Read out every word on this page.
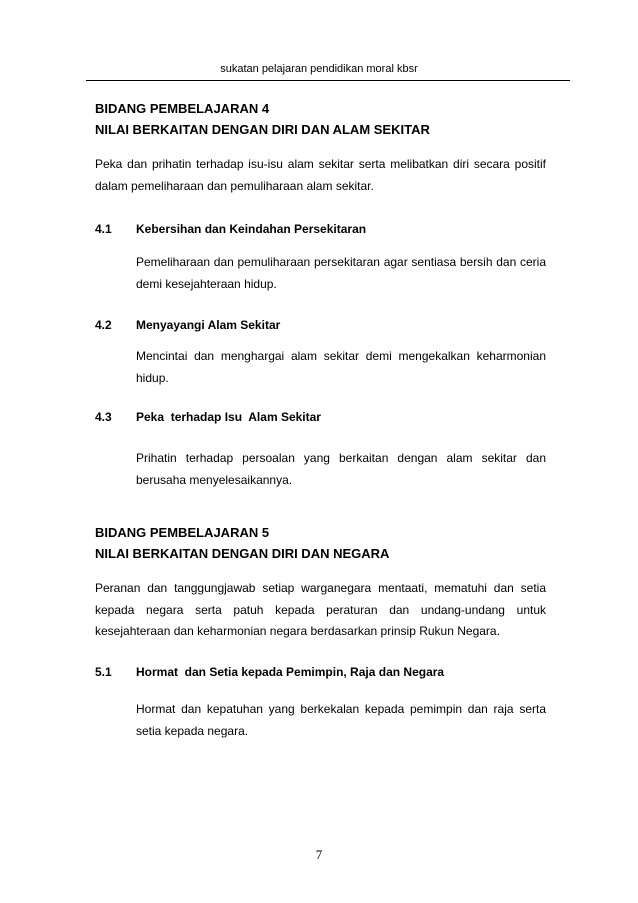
sukatan pelajaran pendidikan moral kbsr
BIDANG PEMBELAJARAN 4
NILAI BERKAITAN DENGAN DIRI DAN ALAM SEKITAR
Peka dan prihatin terhadap isu-isu alam sekitar serta melibatkan diri secara positif dalam pemeliharaan dan pemuliharaan alam sekitar.
4.1 Kebersihan dan Keindahan Persekitaran
Pemeliharaan dan pemuliharaan persekitaran agar sentiasa bersih dan ceria demi kesejahteraan hidup.
4.2 Menyayangi Alam Sekitar
Mencintai dan menghargai alam sekitar demi mengekalkan keharmonian hidup.
4.3 Peka  terhadap Isu  Alam Sekitar
Prihatin terhadap persoalan yang berkaitan dengan alam sekitar dan berusaha menyelesaikannya.
BIDANG PEMBELAJARAN 5
NILAI BERKAITAN DENGAN DIRI DAN NEGARA
Peranan dan tanggungjawab setiap warganegara mentaati, mematuhi dan setia kepada negara serta patuh kepada peraturan dan undang-undang untuk kesejahteraan dan keharmonian negara berdasarkan prinsip Rukun Negara.
5.1 Hormat  dan Setia kepada Pemimpin, Raja dan Negara
Hormat dan kepatuhan yang berkekalan kepada pemimpin dan raja serta setia kepada negara.
7
